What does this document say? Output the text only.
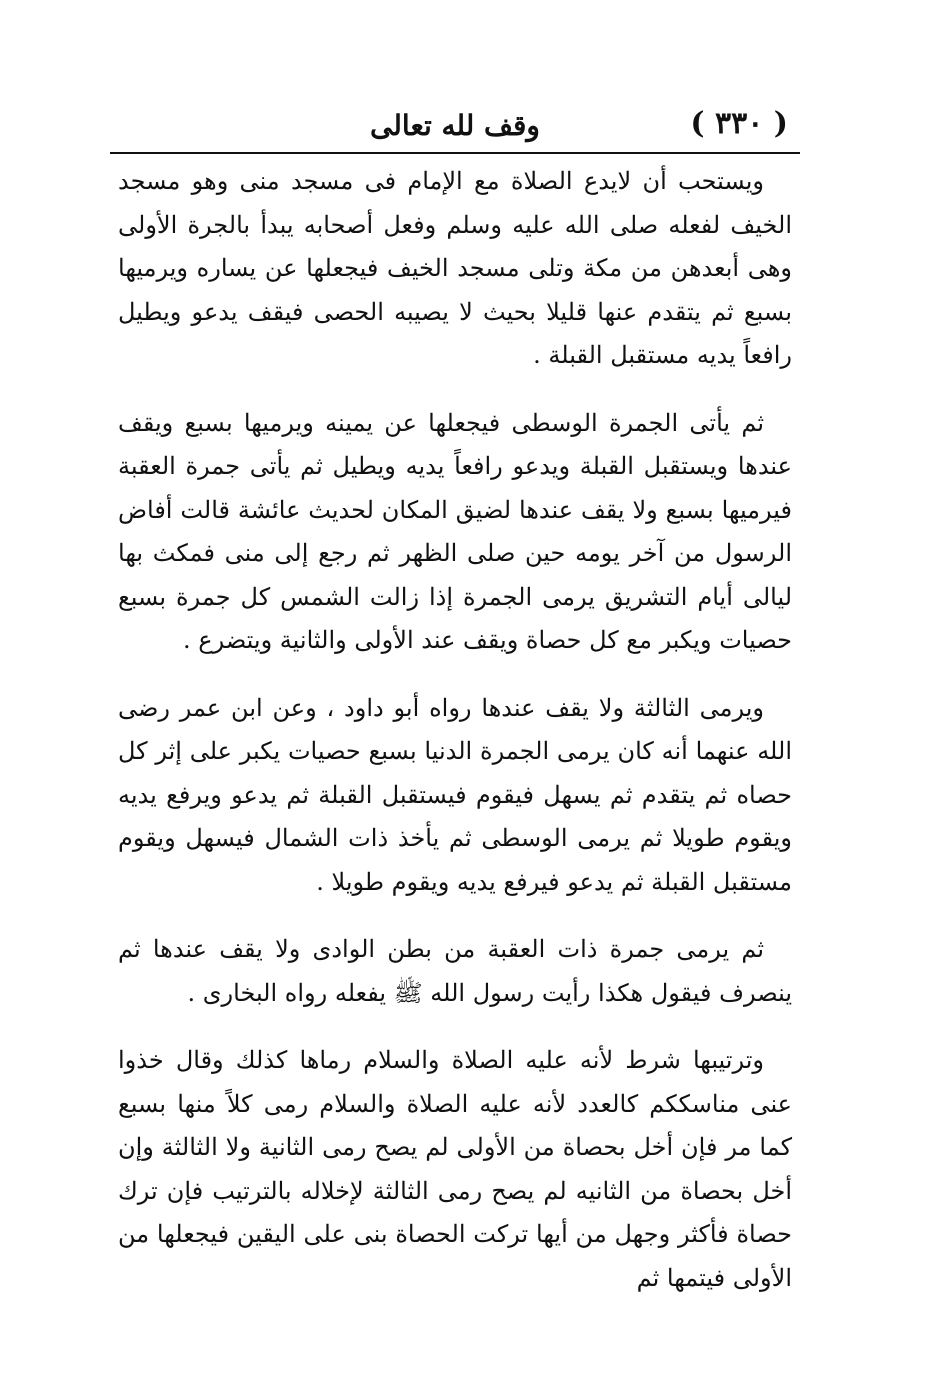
( ٣٣٠ )
وقف لله تعالى

ويستحب أن لايدع الصلاة مع الإمام فى مسجد منى وهو مسجد الخيف لفعله صلى الله عليه وسلم وفعل أصحابه يبدأ بالجرة الأولى وهى أبعدهن من مكة وتلى مسجد الخيف فيجعلها عن يساره ويرميها بسبع ثم يتقدم عنها قليلا بحيث لا يصيبه الحصى فيقف يدعو ويطيل رافعاً يديه مستقبل القبلة .

ثم يأتى الجمرة الوسطى فيجعلها عن يمينه ويرميها بسبع ويقف عندها ويستقبل القبلة ويدعو رافعاً يديه ويطيل ثم يأتى جمرة العقبة فيرميها بسبع ولا يقف عندها لضيق المكان لحديث عائشة قالت أفاض الرسول من آخر يومه حين صلى الظهر ثم رجع إلى منى فمكث بها ليالى أيام التشريق يرمى الجمرة إذا زالت الشمس كل جمرة بسبع حصيات ويكبر مع كل حصاة ويقف عند الأولى والثانية ويتضرع .

ويرمى الثالثة ولا يقف عندها رواه أبو داود ، وعن ابن عمر رضى الله عنهما أنه كان يرمى الجمرة الدنيا بسبع حصيات يكبر على إثر كل حصاه ثم يتقدم ثم يسهل فيقوم فيستقبل القبلة ثم يدعو ويرفع يديه ويقوم طويلا ثم يرمى الوسطى ثم يأخذ ذات الشمال فيسهل ويقوم مستقبل القبلة ثم يدعو فيرفع يديه ويقوم طويلا .

ثم يرمى جمرة ذات العقبة من بطن الوادى ولا يقف عندها ثم ينصرف فيقول هكذا رأيت رسول الله ﷺ يفعله رواه البخارى .

وترتيبها شرط لأنه عليه الصلاة والسلام رماها كذلك وقال خذوا عنى مناسككم كالعدد لأنه عليه الصلاة والسلام رمى كلاً منها بسبع كما مر فإن أخل بحصاة من الأولى لم يصح رمى الثانية ولا الثالثة وإن أخل بحصاة من الثانيه لم يصح رمى الثالثة لإخلاله بالترتيب فإن ترك حصاة فأكثر وجهل من أيها تركت الحصاة بنى على اليقين فيجعلها من الأولى فيتمها ثم
